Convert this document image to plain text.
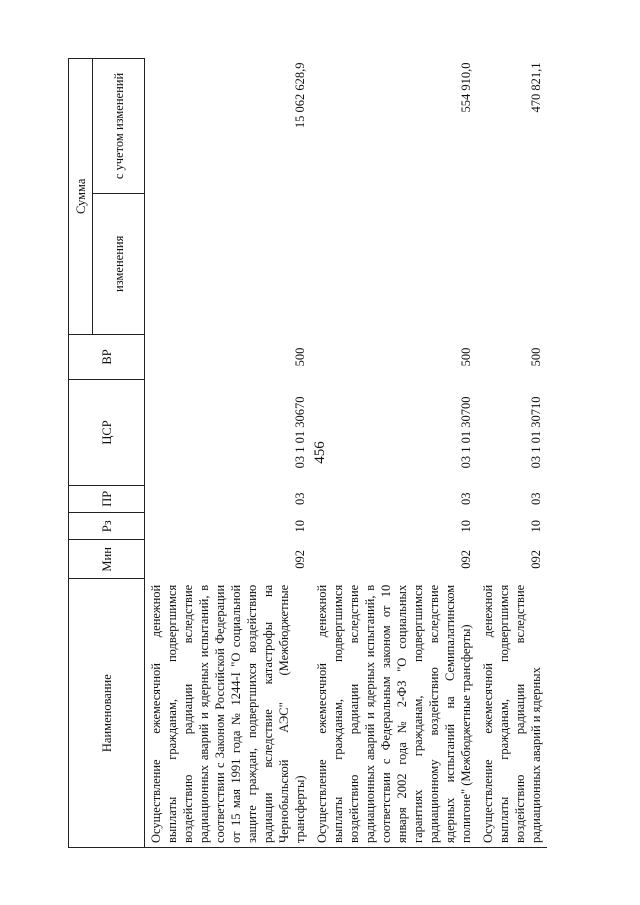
456
Наименование	Мин	Рз	ПР	ЦСР	ВР	Сумма	
						изменения	с учетом изменений
Осуществление ежемесячной денежной выплаты гражданам, подвергшимся воздействию радиации вследствие радиационных аварий и ядерных испытаний, в соответствии с Законом Российской Федерации от 15 мая 1991 года № 1244-I "О социальной защите граждан, подвергшихся воздействию радиации вследствие катастрофы на Чернобыльской АЭС" (Межбюджетные трансферты)	092	10	03	03 1 01 30670	500		15 062 628,9
Осуществление ежемесячной денежной выплаты гражданам, подвергшимся воздействию радиации вследствие радиационных аварий и ядерных испытаний, в соответствии с Федеральным законом от 10 января 2002 года № 2-ФЗ "О социальных гарантиях гражданам, подвергшимся радиационному воздействию вследствие ядерных испытаний на Семипалатинском полигоне" (Межбюджетные трансферты)	092	10	03	03 1 01 30700	500		554 910,0
Осуществление ежемесячной денежной выплаты гражданам, подвергшимся воздействию радиации вследствие радиационных аварий и ядерных	092	10	03	03 1 01 30710	500		470 821,1
